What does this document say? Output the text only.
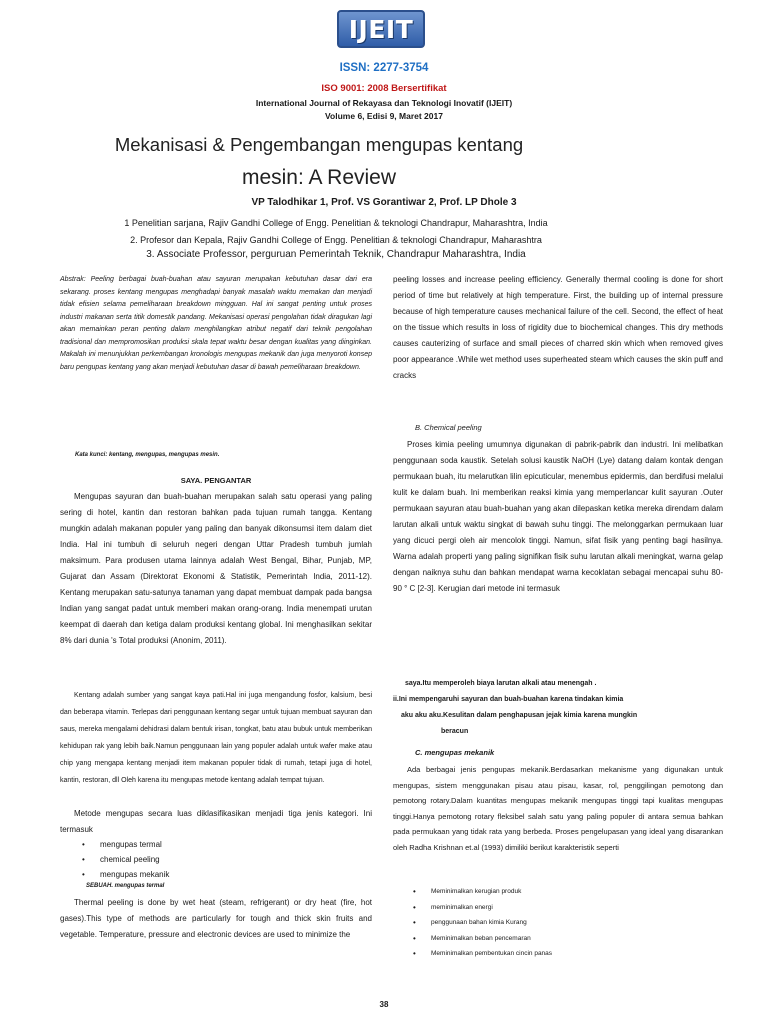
IJEIT
ISSN: 2277-3754
ISO 9001: 2008 Bersertifikat
International Journal of Rekayasa dan Teknologi Inovatif (IJEIT)
Volume 6, Edisi 9, Maret 2017
Mekanisasi & Pengembangan mengupas kentang
mesin: A Review
VP Talodhikar 1, Prof. VS Gorantiwar 2, Prof. LP Dhole 3
1 Penelitian sarjana, Rajiv Gandhi College of Engg. Penelitian & teknologi Chandrapur, Maharashtra, India
2. Profesor dan Kepala, Rajiv Gandhi College of Engg. Penelitian & teknologi Chandrapur, Maharashtra
3. Associate Professor, perguruan Pemerintah Teknik, Chandrapur Maharashtra, India
Abstrak: Peeling berbagai buah-buahan atau sayuran merupakan kebutuhan dasar dari era sekarang. proses kentang mengupas menghadapi banyak masalah waktu memakan dan menjadi tidak efisien selama pemeliharaan breakdown mingguan. Hal ini sangat penting untuk proses industri makanan serta titik domestik pandang. Mekanisasi operasi pengolahan tidak diragukan lagi akan memainkan peran penting dalam menghilangkan atribut negatif dari teknik pengolahan tradisional dan mempromosikan produksi skala tepat waktu besar dengan kualitas yang diinginkan. Makalah ini menunjukkan perkembangan kronologis mengupas mekanik dan juga menyoroti konsep baru pengupas kentang yang akan menjadi kebutuhan dasar di bawah pemeliharaan breakdown.
Kata kunci: kentang, mengupas, mengupas mesin.
SAYA. PENGANTAR

Mengupas sayuran dan buah-buahan merupakan salah satu operasi yang paling sering di hotel, kantin dan restoran bahkan pada tujuan rumah tangga. Kentang mungkin adalah makanan populer yang paling dan banyak dikonsumsi item dalam diet India. Hal ini tumbuh di seluruh negeri dengan Uttar Pradesh tumbuh jumlah maksimum. Para produsen utama lainnya adalah West Bengal, Bihar, Punjab, MP, Gujarat dan Assam (Direktorat Ekonomi & Statistik, Pemerintah India, 2011-12). Kentang merupakan satu-satunya tanaman yang dapat membuat dampak pada bangsa Indian yang sangat padat untuk memberi makan orang-orang. India menempati urutan keempat di daerah dan ketiga dalam produksi kentang global. Ini menghasilkan sekitar 8% dari dunia 's Total produksi (Anonim, 2011).

Kentang adalah sumber yang sangat kaya pati.Hal ini juga mengandung fosfor, kalsium, besi dan beberapa vitamin. Terlepas dari penggunaan kentang segar untuk tujuan membuat sayuran dan saus, mereka mengalami dehidrasi dalam bentuk irisan, tongkat, batu atau bubuk untuk memberikan kehidupan rak yang lebih baik.Namun penggunaan lain yang populer adalah untuk wafer make atau chip yang mengapa kentang menjadi item makanan populer tidak di rumah, tetapi juga di hotel, kantin, restoran, dll Oleh karena itu mengupas metode kentang adalah tempat tujuan.

Metode mengupas secara luas diklasifikasikan menjadi tiga jenis kategori. Ini termasuk

• mengupas termal
• chemical peeling
• mengupas mekanik
SEBUAH. mengupas termal

Thermal peeling is done by wet heat (steam, refrigerant) or dry heat (fire, hot gases).This type of methods are particularly for tough and thick skin fruits and vegetable. Temperature, pressure and electronic devices are used to minimize the

peeling losses and increase peeling efficiency. Generally thermal cooling is done for short period of time but relatively at high temperature. First, the building up of internal pressure because of high temperature causes mechanical failure of the cell. Second, the effect of heat on the tissue which results in loss of rigidity due to biochemical changes. This dry methods causes cauterizing of surface and small pieces of charred skin which when removed gives poor appearance .While wet method uses superheated steam which causes the skin puff and cracks

B. Chemical peeling

Proses kimia peeling umumnya digunakan di pabrik-pabrik dan industri. Ini melibatkan penggunaan soda kaustik. Setelah solusi kaustik NaOH (Lye) datang dalam kontak dengan permukaan buah, itu melarutkan lilin epicuticular, menembus epidermis, dan berdifusi melalui kulit ke dalam buah. Ini memberikan reaksi kimia yang memperlancar kulit sayuran .Outer permukaan sayuran atau buah-buahan yang akan dilepaskan ketika mereka direndam dalam larutan alkali untuk waktu singkat di bawah suhu tinggi. The melonggarkan permukaan luar yang dicuci pergi oleh air mencolok tinggi. Namun, sifat fisik yang penting bagi hasilnya. Warna adalah properti yang paling signifikan fisik suhu larutan alkali meningkat, warna gelap dengan naiknya suhu dan bahkan mendapat warna kecoklatan sebagai mencapai suhu 80-90 ° C [2-3]. Kerugian dari metode ini termasuk

saya.Itu memperoleh biaya larutan alkali atau menengah .
ii.Ini mempengaruhi sayuran dan buah-buahan karena tindakan kimia
aku aku aku.Kesulitan dalam penghapusan jejak kimia karena mungkin
beracun
C. mengupas mekanik

Ada berbagai jenis pengupas mekanik.Berdasarkan mekanisme yang digunakan untuk mengupas, sistem menggunakan pisau atau pisau, kasar, rol, penggilingan pemotong dan pemotong rotary.Dalam kuantitas mengupas mekanik mengupas tinggi tapi kualitas mengupas tinggi.Hanya pemotong rotary fleksibel salah satu yang paling populer di antara semua bahkan pada permukaan yang tidak rata yang berbeda. Proses pengelupasan yang ideal yang disarankan oleh Radha Krishnan et.al (1993) dimiliki berikut karakteristik seperti

• Meminimalkan kerugian produk
• meminimalkan energi
• penggunaan bahan kimia Kurang
• Meminimalkan beban pencemaran
• Meminimalkan pembentukan cincin panas
38
